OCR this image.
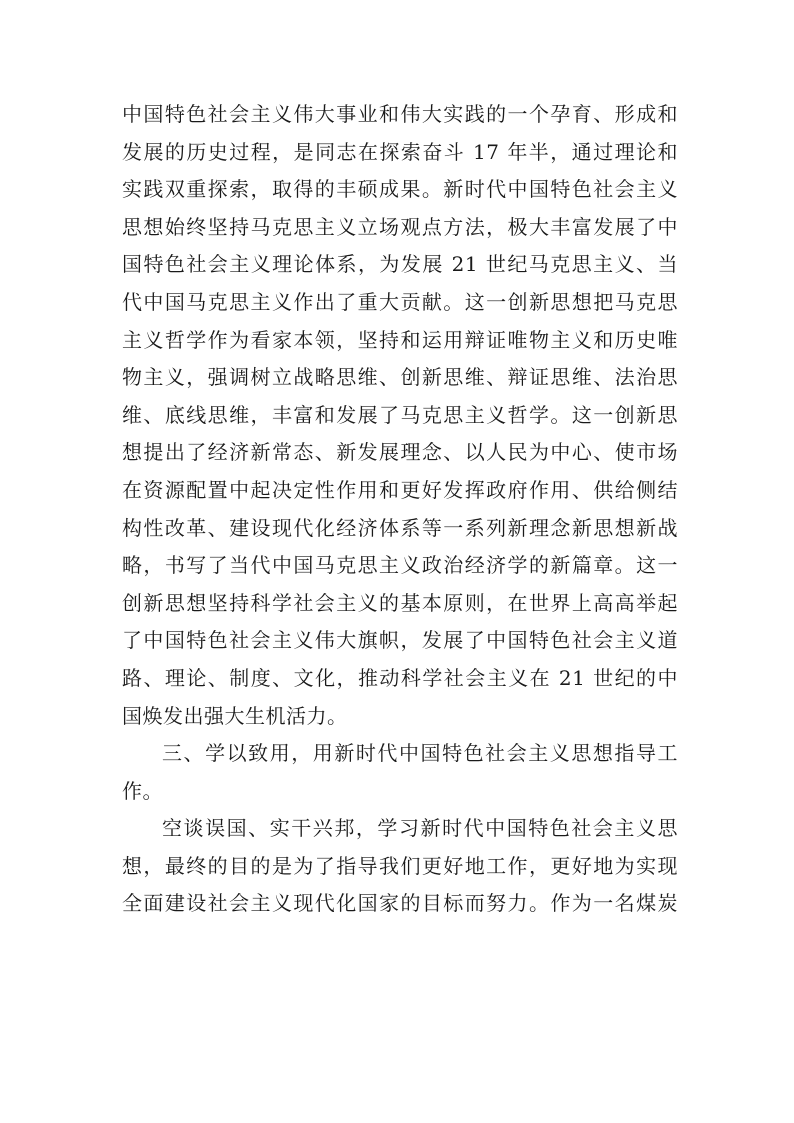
中国特色社会主义伟大事业和伟大实践的一个孕育、形成和
发展的历史过程，是同志在探索奋斗 17 年半，通过理论和
实践双重探索，取得的丰硕成果。新时代中国特色社会主义
思想始终坚持马克思主义立场观点方法，极大丰富发展了中
国特色社会主义理论体系，为发展 21 世纪马克思主义、当
代中国马克思主义作出了重大贡献。这一创新思想把马克思
主义哲学作为看家本领，坚持和运用辩证唯物主义和历史唯
物主义，强调树立战略思维、创新思维、辩证思维、法治思
维、底线思维，丰富和发展了马克思主义哲学。这一创新思
想提出了经济新常态、新发展理念、以人民为中心、使市场
在资源配置中起决定性作用和更好发挥政府作用、供给侧结
构性改革、建设现代化经济体系等一系列新理念新思想新战
略，书写了当代中国马克思主义政治经济学的新篇章。这一
创新思想坚持科学社会主义的基本原则，在世界上高高举起
了中国特色社会主义伟大旗帜，发展了中国特色社会主义道
路、理论、制度、文化，推动科学社会主义在 21 世纪的中
国焕发出强大生机活力。
三、学以致用，用新时代中国特色社会主义思想指导工
作。
空谈误国、实干兴邦，学习新时代中国特色社会主义思
想，最终的目的是为了指导我们更好地工作，更好地为实现
全面建设社会主义现代化国家的目标而努力。作为一名煤炭
